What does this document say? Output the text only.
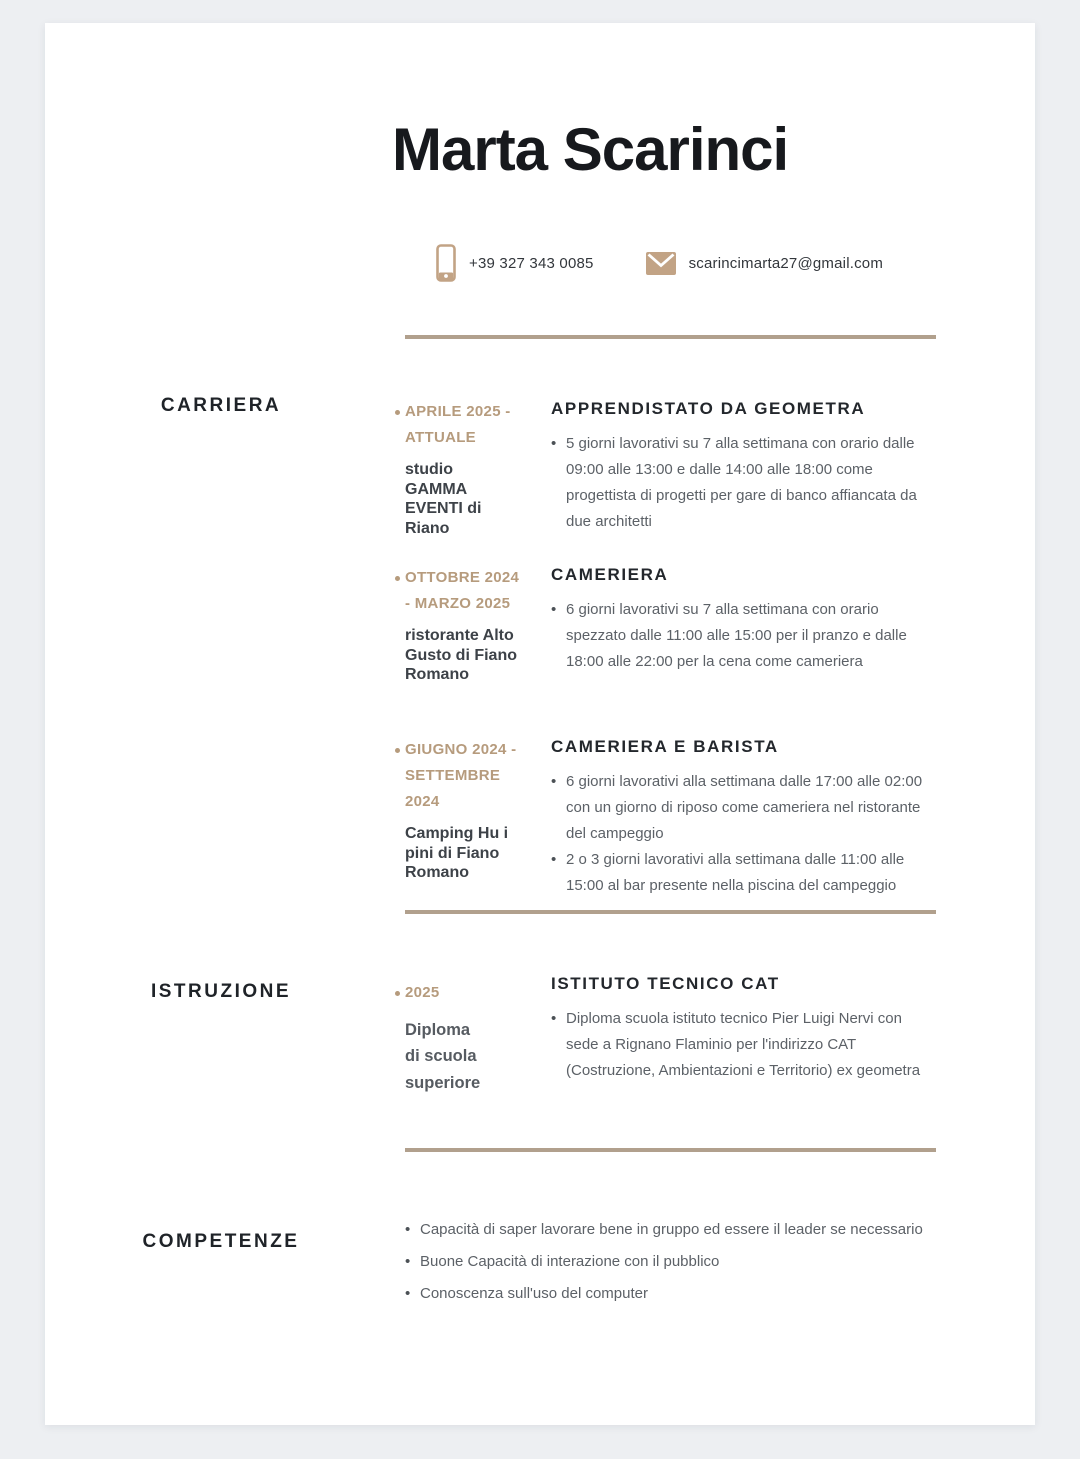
Marta Scarinci
+39 327 343 0085	scarincimarta27@gmail.com
CARRIERA	APRILE 2025 - ATTUALE
studio GAMMA EVENTI di Riano
APPRENDISTATO DA GEOMETRA
• 5 giorni lavorativi su 7 alla settimana con orario dalle 09:00 alle 13:00 e dalle 14:00 alle 18:00 come progettista di progetti per gare di banco affiancata da due architetti
OTTOBRE 2024 - MARZO 2025
ristorante Alto Gusto di Fiano Romano
CAMERIERA
• 6 giorni lavorativi su 7 alla settimana con orario spezzato dalle 11:00 alle 15:00 per il pranzo e dalle 18:00 alle 22:00 per la cena come cameriera
GIUGNO 2024 - SETTEMBRE 2024
Camping Hu i pini di Fiano Romano
CAMERIERA E BARISTA
• 6 giorni lavorativi alla settimana dalle 17:00 alle 02:00 con un giorno di riposo come cameriera nel ristorante del campeggio
• 2 o 3 giorni lavorativi alla settimana dalle 11:00 alle 15:00 al bar presente nella piscina del campeggio
ISTRUZIONE	2025
Diploma di scuola superiore
ISTITUTO TECNICO CAT
• Diploma scuola istituto tecnico Pier Luigi Nervi con sede a Rignano Flaminio per l'indirizzo CAT (Costruzione, Ambientazioni e Territorio) ex geometra
COMPETENZE
• Capacità di saper lavorare bene in gruppo ed essere il leader se necessario
• Buone Capacità di interazione con il pubblico
• Conoscenza sull'uso del computer
